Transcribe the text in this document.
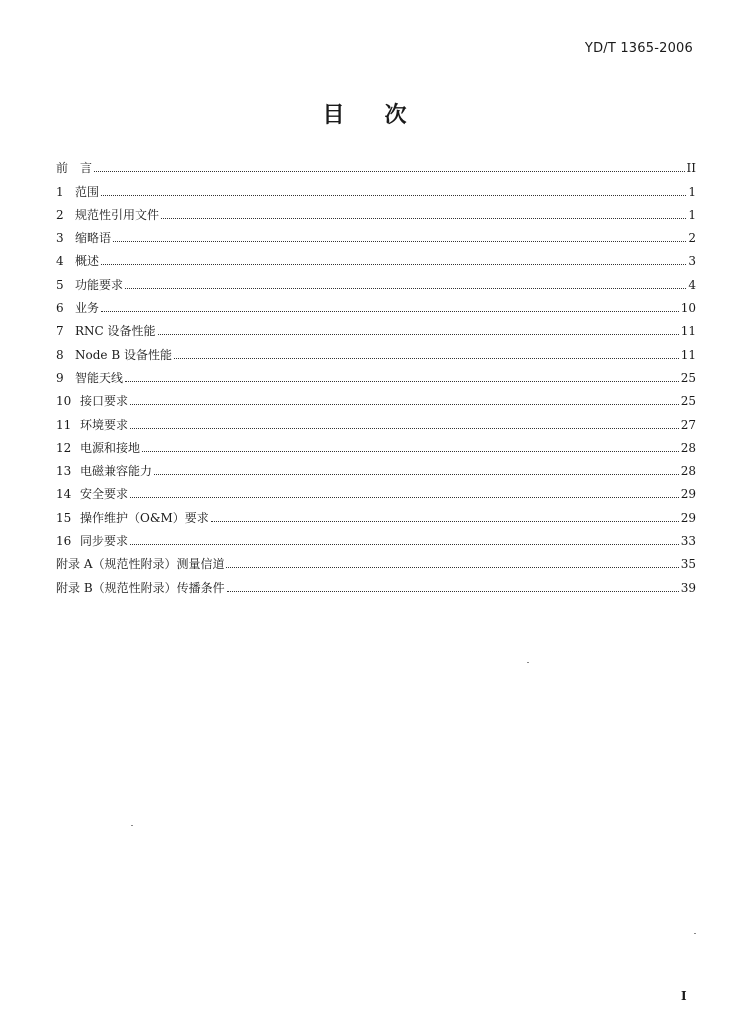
YD/T 1365-2006
目 次
前　言	II
1 范围	1
2 规范性引用文件	1
3 缩略语	2
4 概述	3
5 功能要求	4
6 业务	10
7 RNC 设备性能	11
8 Node B 设备性能	11
9 智能天线	25
10 接口要求	25
11 环境要求	27
12 电源和接地	28
13 电磁兼容能力	28
14 安全要求	29
15 操作维护（O&M）要求	29
16 同步要求	33
附录 A（规范性附录）测量信道	35
附录 B（规范性附录）传播条件	39
I
